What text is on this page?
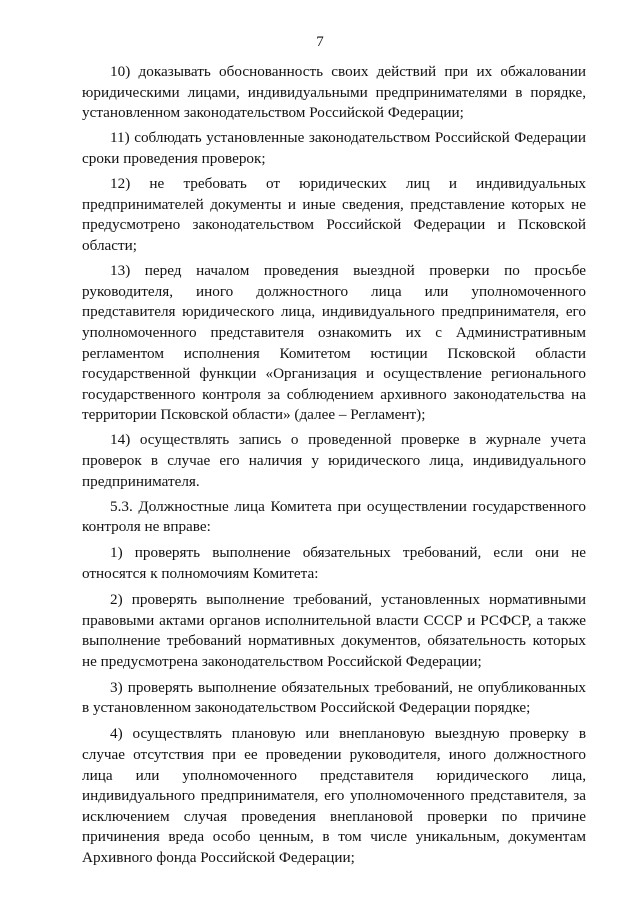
7

10) доказывать обоснованность своих действий при их обжаловании юридическими лицами, индивидуальными предпринимателями в порядке, установленном законодательством Российской Федерации;

11) соблюдать установленные законодательством Российской Федерации сроки проведения проверок;

12) не требовать от юридических лиц и индивидуальных предпринимателей документы и иные сведения, представление которых не предусмотрено законодательством Российской Федерации и Псковской области;

13) перед началом проведения выездной проверки по просьбе руководителя, иного должностного лица или уполномоченного представителя юридического лица, индивидуального предпринимателя, его уполномоченного представителя ознакомить их с Административным регламентом исполнения Комитетом юстиции Псковской области государственной функции «Организация и осуществление регионального государственного контроля за соблюдением архивного законодательства на территории Псковской области» (далее – Регламент);

14) осуществлять запись о проведенной проверке в журнале учета проверок в случае его наличия у юридического лица, индивидуального предпринимателя.

5.3. Должностные лица Комитета при осуществлении государственного контроля не вправе:

1) проверять выполнение обязательных требований, если они не относятся к полномочиям Комитета:

2) проверять выполнение требований, установленных нормативными правовыми актами органов исполнительной власти СССР и РСФСР, а также выполнение требований нормативных документов, обязательность которых не предусмотрена законодательством Российской Федерации;

3) проверять выполнение обязательных требований, не опубликованных в установленном законодательством Российской Федерации порядке;

4) осуществлять плановую или внеплановую выездную проверку в случае отсутствия при ее проведении руководителя, иного должностного лица или уполномоченного представителя юридического лица, индивидуального предпринимателя, его уполномоченного представителя, за исключением случая проведения внеплановой проверки по причине причинения вреда особо ценным, в том числе уникальным, документам Архивного фонда Российской Федерации;
